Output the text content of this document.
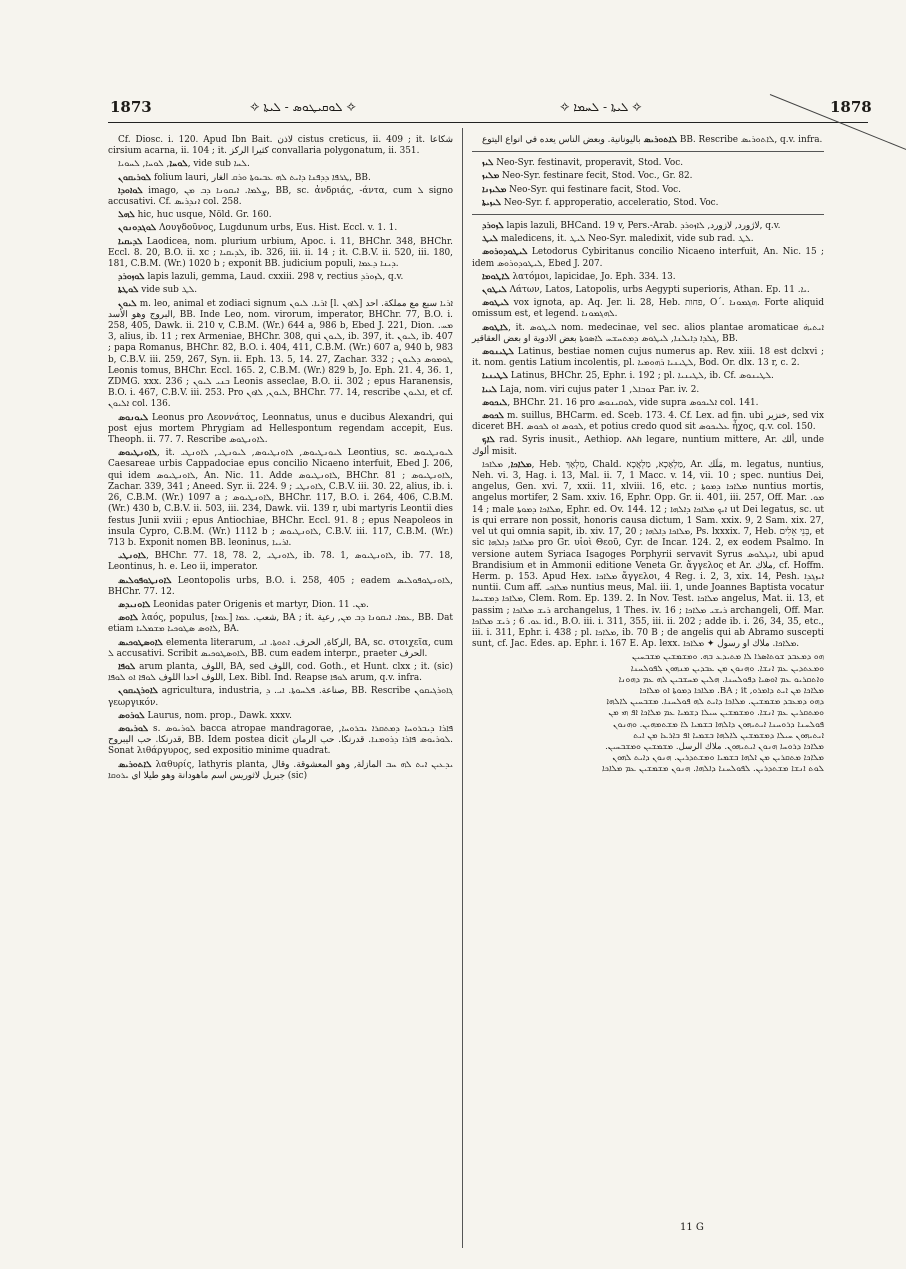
1873	✧ ܠܘܩܝܛܘܣ - ܠܝܬܐ ✧	✧ ܠܝܬܐ - ܠܚܡܐ ✧	1878

Cf. Diosc. i. 120. Apud Ibn Bait. لاذن cistus creticus, ii. 409 ; it. شكاعا cirsium acarna, ii. 104 ; it. كثيرا الركز convallaria polygonatum, ii. 351.

ܠܘܚܐ, ܠܘܚܐ, ܠܚܘܝܐ, vide sub ܠܚܐ.

ܠܘܪܝܩܘܢ folium lauri, ܛܪܦܐ ܕܕܦܢܐ ܕܐܝܬ ܠܗ ܥܒܝܘܬܐ ܘܪܩ الغار, BB.

ܠܘܐܘܕܐ imago, ܨܠܡܐ. ܐܝܩܘܢܐ ܕܒ ܡܢ, BB, sc. ἀνδριάς, -άντα, cum ܠ signo accusativi. Cf. ܐܢܕܪܝܣ col. 258.

ܠܗܠ hic, huc usque, Nöld. Gr. 160.

ܠܘܓܕܘܢܘܢ Λουγδοῦνος, Lugdunum urbs, Eus. Hist. Eccl. v. 1. 1.

ܠܕܝܩܝܐ Laodicea, nom. plurium urbium, Apoc. i. 11, BHChr. 348, BHChr. Eccl. 8. 20, B.O. ii. xc ; ܠܕܝܩܝܐ, ib. 326, iii. ii. 14 ; it. C.B.V. ii. 520, iii. 180, 181, C.B.M. (Wr.) 1020 b ; exponit BB. judicium populi, ܕܝܢܐ ܕܥܡܐ.

ܠܘܙܘܪܕ lapis lazuli, gemma, Laud. cxxiii. 298 v, rectius ܠܙܘܪܕ, q.v.

ܠܘܛܬܐ vide sub ܠܛ.

ܠܝܘܢ m. leo, animal et zodiaci signum ܐܪܝܐ. ܠܝܘܢ [l. ܠܐܘܢ] ܐܪܝܐ سبع مع مملكة. احد البروج وهو الأسد, BB. Inde Leo, nom. virorum, imperator, BHChr. 77, B.O. i. 258, 405, Dawk. ii. 210 v, C.B.M. (Wr.) 644 a, 986 b, Ebed J. 221, Dion. ܡܚ. 3, alius, ib. 11 ; rex Armeniae, BHChr. 308, qui ܠܝܘܢ, ib. 397, it. ܠܝܘܢ, ib. 407 ; papa Romanus, BHChr. 82, B.O. i. 404, 411, C.B.M. (Wr.) 607 a, 940 b, 983 b, C.B.V. iii. 259, 267, Syn. ii. Eph. 13. 5, 14. 27, Zachar. 332 ; ܛܘܡܘܣ ܕܠܝܘܢ Leonis tomus, BHChr. Eccl. 165. 2, C.B.M. (Wr.) 829 b, Jo. Eph. 21. 4, 36. 1, ZDMG. xxx. 236 ; ܒܢܝ ܠܝܘܢ Leonis asseclae, B.O. ii. 302 ; epus Haranensis, B.O. i. 467, C.B.V. iii. 253. Pro ܠܝܘܢ, ܠܐܘܢ, BHChr. 77. 14, rescribe ܐܠܝܘܢ, et cf. ܐܠܝܘܢ col. 136.

ܠܝܘܢܘܣ Leonus pro Λεοννάτος, Leonnatus, unus e ducibus Alexandri, qui post ejus mortem Phrygiam ad Hellespontum regendam accepit, Eus. Theoph. ii. 77. 7. Rescribe ܠܐܘܢܛܘܣ.

ܠܐܘܢܛܝܘܣ, it. ܠܝܘܢܛܝܘܣ, ܠܐܘܢܛܝܘܣ, ܠܝܘܢܛܝ, ܠܐܘܢܛܝ Leontius, sc. ܠܝܘܢܛܝܘܣ Caesareae urbis Cappadociae epus concilio Nicaeno interfuit, Ebed J. 206, qui idem ܠܐܘܢܛܝܘܣ, An. Nic. 11. Adde ܠܐܘܢܛܝܘܣ, BHChr. 81 ; ܠܐܘܢܛܝܘܣ, Zachar. 339, 341 ; Aneed. Syr. ii. 224. 9 ; ܠܐܘܢܛܝ, C.B.V. iii. 30. 22, alius, ib. i. 26, C.B.M. (Wr.) 1097 a ; ܠܐܘܢܛܝܘܣ, BHChr. 117, B.O. i. 264, 406, C.B.M. (Wr.) 430 b, C.B.V. ii. 503, iii. 234, Dawk. vii. 139 r, ubi martyris Leontii dies festus Junii xviii ; epus Antiochiae, BHChr. Eccl. 91. 8 ; epus Neapoleos in insula Cypro, C.B.M. (Wr.) 1112 b ; ܠܐܘܢܛܝܘܣ, C.B.V. iii. 117, C.B.M. (Wr.) 713 b. Exponit nomen BB. leoninus, ܐܪܝܝܐ.

ܠܐܘܢܛܝ, BHChr. 77. 18, 78. 2, ܠܐܘܢܛܝ, ib. 78. 1, ܠܐܘܢܛܝܘܣ, ib. 77. 18, Leontinus, h. e. Leo ii, imperator.

ܠܐܘܢܛܘܦܘܠܝܣ Leontopolis urbs, B.O. i. 258, 405 ; eadem ܠܐܘܢܛܘܦܘܠܝܣ, BHChr. 77. 12.

ܠܐܘܢܝܕܣ Leonidas pater Origenis et martyr, Dion. ܡܢ. 11.

ܠܐܘܣ λαός, populus, [ܥܡܐ] شعب. ܥܡܐ, BA ; it. ܥܡܐ. ܐܝܩܘܢܐ ܕܒ ܡܢ, رعية, BB. Dat etiam ܠܐܘܣ ܣܛܘܟܝܐ ܡܫܡܠܝܐ, BA.

ܠܐܘܣܛܘܟܝܣ elementa literarum, الزكاة, الحرف. ܐܬܘܬܐ. ܐܝ, BA, sc. στοιχεῖα, cum ܠ accusativi. Scribit ܠܐܘܣܛܘܟܝܣ, BB. cum eadem interpr., praeter الحرف.

ܠܘܦܐ arum planta, اللوف, BA, sed اللوف, cod. Goth., et Hunt. clxx ; it. (sic) اللوف احدا اللوف ܠܘܦܐ ܐܘ ܠܘܦܐ, Lex. Bibl. Ind. Reapse ܠܘܦܐ arum, q.v. infra.

ܠܐܘܪܓܝܩܘܢ agricultura, industria, صناعة. ܦܠܚܘܬܐ. ܐܝ. ܕ, BB. Rescribe ܓܐܘܪܓܝܩܘܢ γεωργικόν.

ܠܘܪܘܣ Laurus, nom. prop., Dawk. xxxv.

ܠܘܪܝܘܣ s. ܠܘܪܝܘܣ bacca atropae mandragorae, ܦܐܪܐ ܕܝܒܪܘܚܐ ܕܡܬܩܪܐ ܝܒܪܘܚܐ, قدرنكا. حب اليبروح, BB. Idem postea dicit ܠܘܪܝܘܣ ܦܐܪܐ ܕܪܘܡܢܐ. قدرنكا. حب الرمان. Sonat λιθάργυρος, sed expositio minime quadrat.

ܠܐܬܘܪܝܣ λαθυρίς, lathyris planta, ܝܕܥܝܢ ܐܝܬ ܠܗ ܚܒ المازلة, وهو المعشوقة. وقال جبريل لاثوريس اسم ماهودانة وهو طيلا اي ܝܪܘܩܐ (sic)

ܠܐܬܘܪܝܣ باليونانية. وبعض الناس يعده في انواع اليتوع BB. Rescribe ܠܐܬܘܪܝܣ, q.v. infra.

ܠܝܙ Neo-Syr. festinavit, properavit, Stod. Voc.

ܡܠܝܙ Neo-Syr. festinare fecit, Stod. Voc., Gr. 82.

ܡܠܝܙܢܐ Neo-Syr. qui festinare facit, Stod. Voc.

ܠܝܙܝܬܐ Neo-Syr. f. approperatio, acceleratio, Stod. Voc.

ܠܙܘܪܕ lapis lazuli, BHCand. 19 v, Pers.-Arab. لاژورد, لازورد, ܠܐܙܘܪܕ, q.v.

ܠܝܛ maledicens, it. ܠܝܛ Neo-Syr. maledixit, vide sub rad. ܠܛ.

ܠܝܛܘܕܘܪܘܣ Letodorus Cybiritanus concilio Nicaeno interfuit, An. Nic. 15 ; idem ܠܝܛܘܕܘܪܘܣ, Ebed J. 207.

ܠܐܛܘܡܐ λατόμοι, lapicidae, Jo. Eph. 334. 13.

ܠܝܛܘܢ Λάτων, Latos, Latopolis, urbs Aegypti superioris, Athan. Ep. ܝܐ. 11.

ܠܝܛܘܣ vox ignota, ap. Aq. Jer. li. 28, Heb. פחות, Ο΄. ܗܓܡܘܢܐ. Forte aliquid omissum est, et legend. ܠܗܓܡܘܢܐ.

ܠܐܛܘܣ, it. ܠܝܛܘܣ nom. medecinae, vel sec. alios plantae aromaticae ܐܝܬܝܗ̇ ܓܠܕܐ ܕܐܝܠܢܐ, ܠܝܛܘܣ ܕܡܬܚܫܚ ܠܐܣܘܬܐ بعض الادوية او بعض العقاقير, BB.

ܠܛܝܢܘܣ Latinus, bestiae nomen cujus numerus ap. Rev. xiii. 18 est dclxvi ; it. nom. gentis Latium incolentis, pl. ܠܛܝܢܝܐ ܪܗܘܡܝܐ, Bod. Or. dlx. 13 r, c. 2.

ܠܛܝܢܝܐ Latinus, BHChr. 25, Ephr. i. 192 ; pl. ܠܛܝܢܝܐ, ib. Cf. ܠܛܝܢܘܣ.

ܠܝܝܐ Laja, nom. viri cujus pater ܫܘܒܐܠ, 1 Par. iv. 2.

ܠܝܟܘܣ, BHChr. 21. 16 pro ܠܘܩܝܢܘܣ, vide supra ܐܠܝܟܘܣ col. 141.

ܠܟܘܣ m. suillus, BHCarm. ed. Sceb. 173. 4. Cf. Lex. ad fin. ubi خنزير, sed vix diceret BH. ܠܟܘܣ ܐܘ ܠܟܘܣ, et potius credo quod sit ܥܠܝܟܘܣ ἦχος, q.v. col. 150.

ܠܐܟ rad. Syris inusit., Aethiop. ለአከ legare, nuntium mittere, Ar. ألك, unde ألوك misit.

ܡܠܐܟܐ, ܡܠܐܟܐ, Heb. מַלְאָךְ, Chald. מַלְאָכָא, מַלְאֲכָא, Ar. مَلَك, m. legatus, nuntius, Neh. vi. 3, Hag. i. 13, Mal. ii. 7, 1 Macc. v. 14, vii. 10 ; spec. nuntius Dei, angelus, Gen. xvi. 7, xxii. 11, xlviii. 16, etc. ; ܡܠܐܟܐ ܕܡܘܬܐ nuntius mortis, angelus mortifer, 2 Sam. xxiv. 16, Ephr. Opp. Gr. ii. 401, iii. 257, Off. Mar. ܡܘ. 14 ; male ܡܠܐܟܐ ܕܡܘܬܐ, Ephr. ed. Ov. 144. 12 ; ܐܝܟ ܡܠܐܟܐ ܕܐܠܗܐ ut Dei legatus, sc. ut is qui errare non possit, honoris causa dictum, 1 Sam. xxix. 9, 2 Sam. xix. 27, vel ut qui omnia sapit, ib. xiv. 17, 20 ; ܡܠܐܟܐ ܕܐܠܗܐ, Ps. lxxxix. 7, Heb. בְּנֵי אֵלִים, et sic ܡܠܐܟܐ ܕܐܠܗܐ pro Gr. υἱοὶ Θεοῦ, Cyr. de Incar. 124. 2, ex eodem Psalmo. In versione autem Syriaca Isagoges Porphyrii servavit Syrus ܐܢܓܠܘܣ, ubi apud Brandisium et in Ammonii editione Veneta Gr. ἄγγελος et Ar. ملاك, cf. Hoffm. Herm. p. 153. Apud Hex. ܡܠܐܟܐ ἄγγελοι, 4 Reg. i. 2, 3, xix. 14, Pesh. ܐܝܙܓܕܐ nuntii. Cum aff. ܡܠܐܟܝ nuntius meus, Mal. iii. 1, unde Joannes Baptista vocatur ܡܠܐܟܐ ܕܡܫܝܚܐ, Clem. Rom. Ep. 139. 2. In Nov. Test. ܡܠܐܟܐ angelus, Mat. ii. 13, et passim ; ܪܝܫ ܡܠܐܟܐ archangelus, 1 Thes. iv. 16 ; ܪܝܫܝ ܡܠܐܟܐ archangeli, Off. Mar. ܥܘ. 6 ; ܪܝܫ ܡܠܐܟܐ id., B.O. iii. i. 311, 355, iii. ii. 202 ; adde ib. i. 26, 34, 35, etc., iii. i. 311, Ephr. i. 438 ; pl. ܡܠܐܟܐ, ib. 70 B ; de angelis qui ab Abramo suscepti sunt, cf. Jac. Edes. ap. Ephr. i. 167 E. Ap. lexx. ܡܠܐܟܐ. ملاك او رسول ✦ ܡܠܐܟܐ.

ܗܘ ܕܡܥܒܕ ܫܘܬܐܣܪܐ ܠܐ ܡܬܝܕܥ ܒܗ. ܘܡܫܡܫܝܢ ܡܫܒܚܝܢ
ܘܡܥܬܕܝܢ ܥܡ ܐܢܫܐ. ܘܗܢܘܢ ܡܢ ܥܒܕܝܢ ܡܢܗܘܢ ܠܦܘܠܚܢܐ
ܘܐܬܩܪܝܘ ܥܡ ܐܘܣܝܐ ܕܦܘܠܚܢܐ. ܗܠܝܢ ܡܚܫܒܝܢ ܠܗ ܥܡ ܕܗܘܢܐ
ܡܠܐܟܐ ܡܢ ܐܝܬ ܕܐܡܪܘ, BA ; it. ܡܠܐܟܐ ܕܡܘܬܐ ܐܘ ܡܠܐܟܐ
ܕܗܘ ܕܡܥܒܕ ܡܫܡܫܝܢ. ܡܠܐܟܐ ܕܐܝܬ ܠܗ ܦܘܠܚܢܐ. ܡܫܒܚܝܢ ܠܐܠܗܐ
ܘܡܬܩܪܝܢ ܥܡ ܐܢܫܐ. ܘܡܫܡܫܝܢ ܚܝܠܐ ܕܫܡܝܐ ܥܡ ܡܠܐܟܐ ܐܦ ܗܝ ܡܢ
ܦܘܠܚܢܐ ܕܪܘܚܢܐ ܐܝܬܝܗܘܢ ܕܐܠܗܐ ܒܫܡܝܐ ܠܐ ܡܫܬܡܗܝܢ. ܘܗܢܘܢ
ܐܝܬܝܗܘܢ ܚܝܠܐ ܕܡܫܡܫܝܢ ܠܐܠܗܐ ܒܫܡܝܐ ܐܦ ܒܐܪܥܐ ܡܢ ܐܝܬ
ܡܠܐܟܐ ܕܪܘܚܐ ܗܢܘܢ ܐܝܬܝܗܘܢ. ملاك الرسل. ܡܫܡܫܝܢ ܘܡܫܒܚܝܢ.
ܡܠܐܟܐ ܡܬܩܪܝܢ ܡܢ ܐܠܗܐ ܒܫܡܝܐ ܘܡܫܬܕܪܝܢ. ܗܢܘܢ ܕܐܝܬ ܠܗܘܢ
ܠܘܬ ܐܢܫܐ ܡܫܬܕܪܝܢ. ܠܦܘܠܚܢܐ ܕܐܠܗܐ. ܗܢܘܢ ܡܫܡܫܝܢ ܥܡ ܡܠܐܟܐ
11 G
